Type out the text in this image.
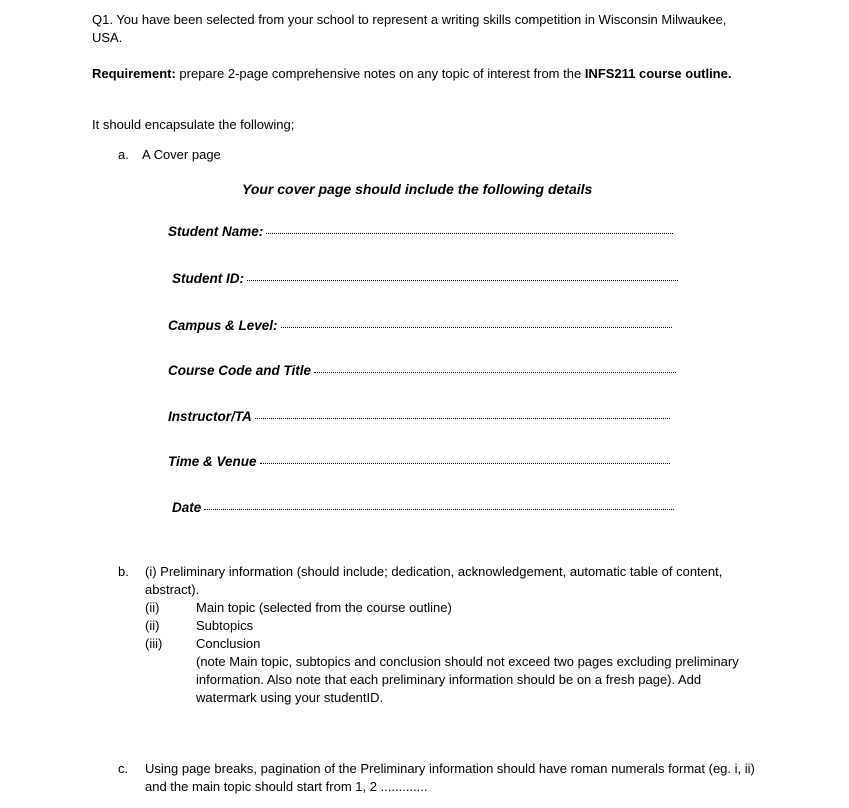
Q1. You have been selected from your school to represent a writing skills competition in Wisconsin Milwaukee, USA.
Requirement: prepare 2-page comprehensive notes on any topic of interest from the INFS211 course outline.
It should encapsulate the following;
a. A Cover page
Your cover page should include the following details
Student Name:
Student ID:
Campus & Level:
Course Code and Title
Instructor/TA
Time & Venue
Date
b.	(i) Preliminary information (should include; dedication, acknowledgement, automatic table of content, abstract).
(ii)	Main topic (selected from the course outline)
(ii)	Subtopics
(iii)	Conclusion
(note Main topic, subtopics and conclusion should not exceed two pages excluding preliminary information. Also note that each preliminary information should be on a fresh page). Add watermark using your studentID.
c.	Using page breaks, pagination of the Preliminary information should have roman numerals format (eg. i, ii) and the main topic should start from 1, 2 .............
